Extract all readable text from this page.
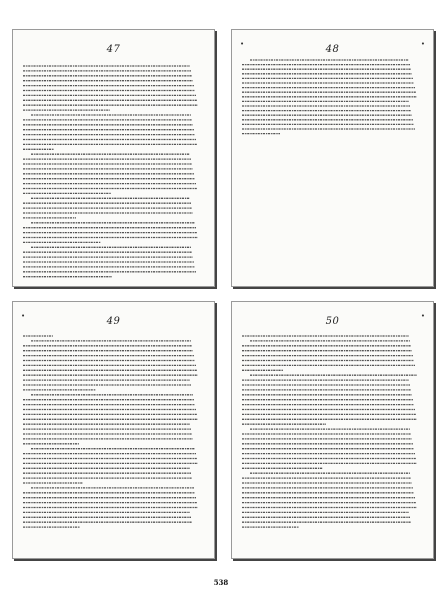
47	48
•	•
49
•	50	•
538
